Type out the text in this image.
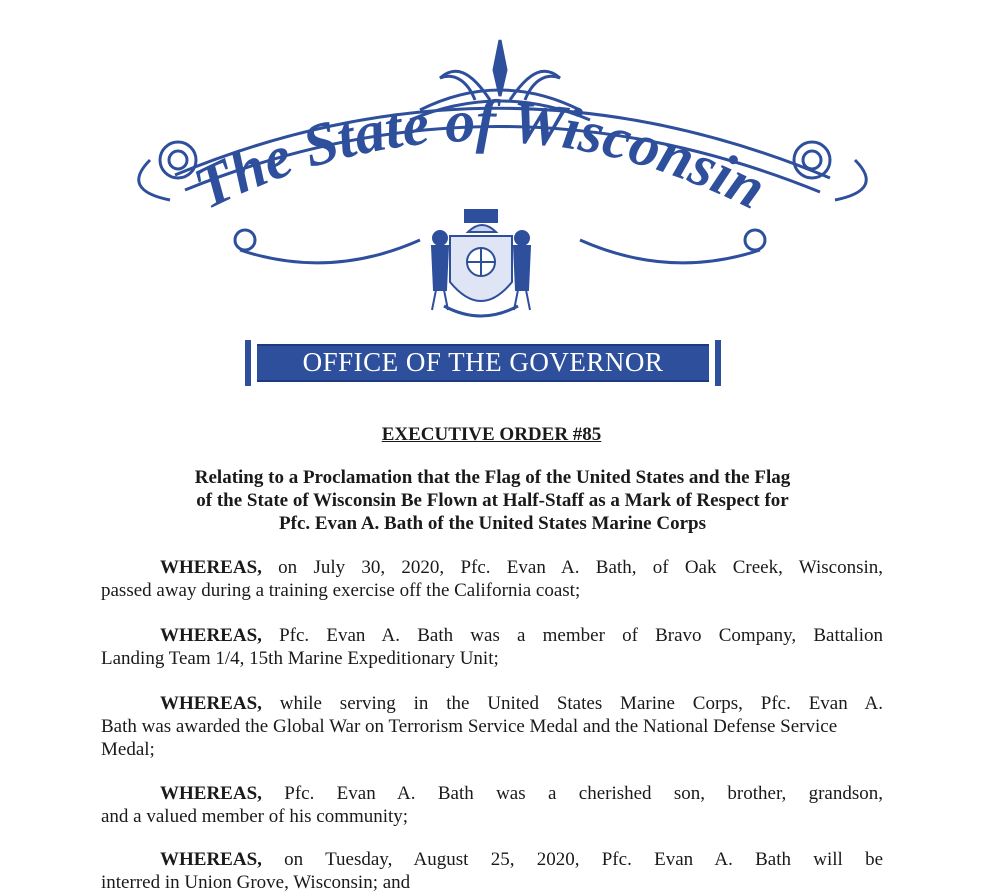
The State of Wisconsin
OFFICE OF THE GOVERNOR
EXECUTIVE ORDER #85
Relating to a Proclamation that the Flag of the United States and the Flag
of the State of Wisconsin Be Flown at Half-Staff as a Mark of Respect for
Pfc. Evan A. Bath of the United States Marine Corps
WHEREAS, on July 30, 2020, Pfc. Evan A. Bath, of Oak Creek, Wisconsin,
passed away during a training exercise off the California coast;
WHEREAS, Pfc. Evan A. Bath was a member of Bravo Company, Battalion
Landing Team 1/4, 15th Marine Expeditionary Unit;
WHEREAS, while serving in the United States Marine Corps, Pfc. Evan A.
Bath was awarded the Global War on Terrorism Service Medal and the National Defense Service Medal;
WHEREAS, Pfc. Evan A. Bath was a cherished son, brother, grandson,
and a valued member of his community;
WHEREAS, on Tuesday, August 25, 2020, Pfc. Evan A. Bath will be
interred in Union Grove, Wisconsin; and
